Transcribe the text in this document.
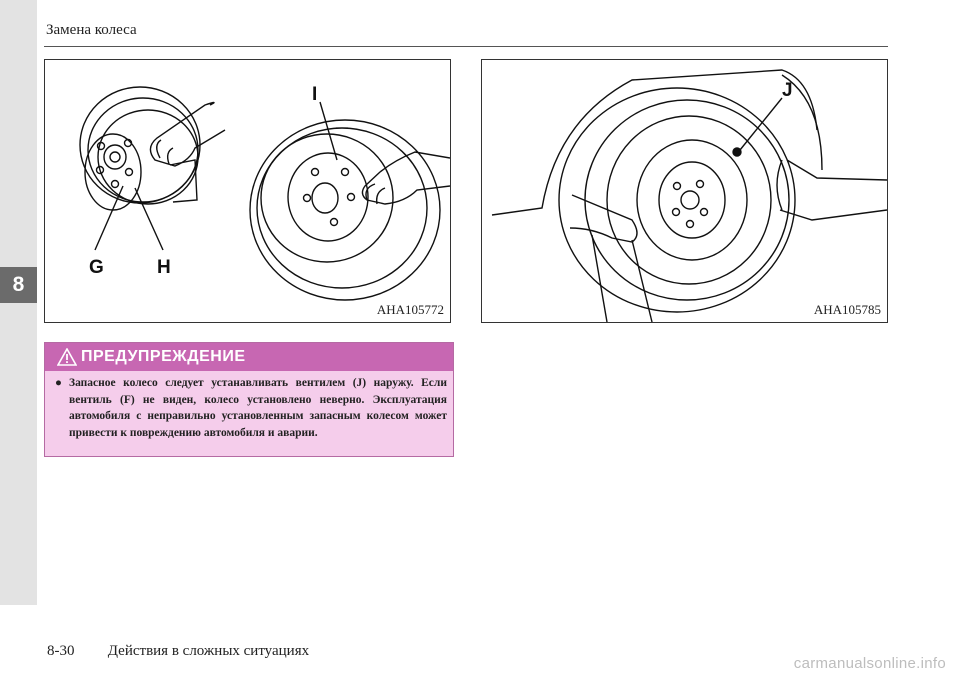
8
Замена колеса
G	H
I
AHA105772
J
AHA105785
ПРЕДУПРЕЖДЕНИЕ
● Запасное колесо следует устанавливать вентилем (J) наружу. Если вентиль (F) не виден, колесо установлено неверно. Эксплуатация автомобиля с неправильно установленным запасным колесом может привести к повреждению автомобиля и аварии.
8-30 Действия в сложных ситуациях
carmanualsonline.info
